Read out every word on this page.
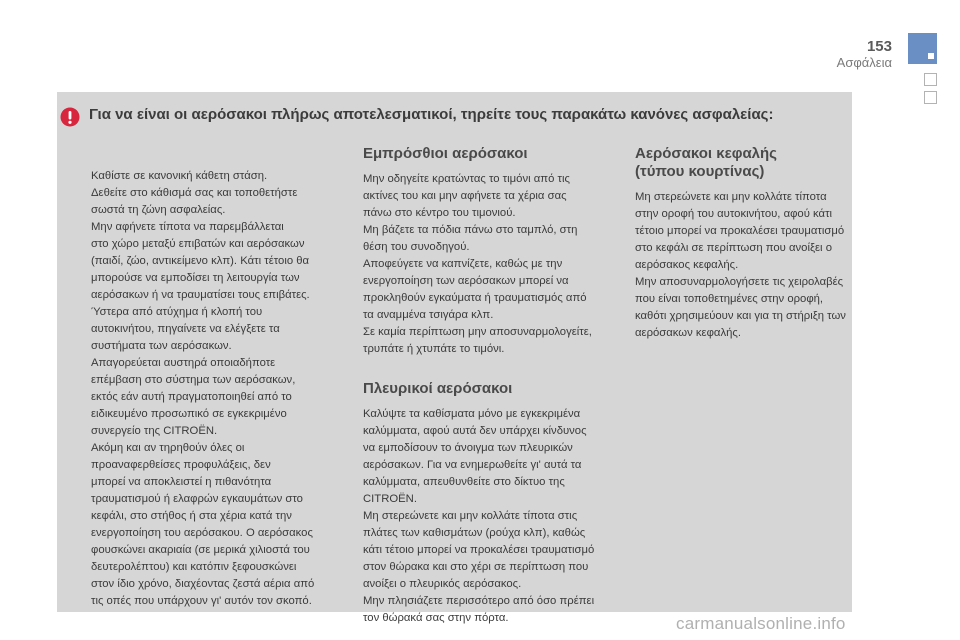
153
Ασφάλεια
Για να είναι οι αερόσακοι πλήρως αποτελεσματικοί, τηρείτε τους παρακάτω κανόνες ασφαλείας:

Καθίστε σε κανονική κάθετη στάση.

Δεθείτε στο κάθισμά σας και τοποθετήστε

σωστά τη ζώνη ασφαλείας.

Μην αφήνετε τίποτα να παρεμβάλλεται

στο χώρο μεταξύ επιβατών και αερόσακων

(παιδί, ζώο, αντικείμενο κλπ). Κάτι τέτοιο θα

μπορούσε να εμποδίσει τη λειτουργία των

αερόσακων ή να τραυματίσει τους επιβάτες.

Ύστερα από ατύχημα ή κλοπή του

αυτοκινήτου, πηγαίνετε να ελέγξετε τα

συστήματα των αερόσακων.

Απαγορεύεται αυστηρά οποιαδήποτε

επέμβαση στο σύστημα των αερόσακων,

εκτός εάν αυτή πραγματοποιηθεί από το

ειδικευμένο προσωπικό σε εγκεκριμένο

συνεργείο της CITROËN.

Ακόμη και αν τηρηθούν όλες οι

προαναφερθείσες προφυλάξεις, δεν

μπορεί να αποκλειστεί η πιθανότητα

τραυματισμού ή ελαφρών εγκαυμάτων στο

κεφάλι, στο στήθος ή στα χέρια κατά την

ενεργοποίηση του αερόσακου. Ο αερόσακος

φουσκώνει ακαριαία (σε μερικά χιλιοστά του

δευτερολέπτου) και κατόπιν ξεφουσκώνει

στον ίδιο χρόνο, διαχέοντας ζεστά αέρια από

τις οπές που υπάρχουν γι' αυτόν τον σκοπό.

Εμπρόσθιοι αερόσακοι

Μην οδηγείτε κρατώντας το τιμόνι από τις

ακτίνες του και μην αφήνετε τα χέρια σας

πάνω στο κέντρο του τιμονιού.

Μη βάζετε τα πόδια πάνω στο ταμπλό, στη

θέση του συνοδηγού.

Αποφεύγετε να καπνίζετε, καθώς με την

ενεργοποίηση των αερόσακων μπορεί να

προκληθούν εγκαύματα ή τραυματισμός από

τα αναμμένα τσιγάρα κλπ.

Σε καμία περίπτωση μην αποσυναρμολογείτε,

τρυπάτε ή χτυπάτε το τιμόνι.

Πλευρικοί αερόσακοι

Καλύψτε τα καθίσματα μόνο με εγκεκριμένα

καλύμματα, αφού αυτά δεν υπάρχει κίνδυνος

να εμποδίσουν το άνοιγμα των πλευρικών

αερόσακων. Για να ενημερωθείτε γι' αυτά τα

καλύμματα, απευθυνθείτε στο δίκτυο της

CITROËN.

Μη στερεώνετε και μην κολλάτε τίποτα στις

πλάτες των καθισμάτων (ρούχα κλπ), καθώς

κάτι τέτοιο μπορεί να προκαλέσει τραυματισμό

στον θώρακα και στο χέρι σε περίπτωση που

ανοίξει ο πλευρικός αερόσακος.

Μην πλησιάζετε περισσότερο από όσο πρέπει

τον θώρακά σας στην πόρτα.

Αερόσακοι κεφαλής
(τύπου κουρτίνας)

Μη στερεώνετε και μην κολλάτε τίποτα

στην οροφή του αυτοκινήτου, αφού κάτι

τέτοιο μπορεί να προκαλέσει τραυματισμό

στο κεφάλι σε περίπτωση που ανοίξει ο

αερόσακος κεφαλής.

Μην αποσυναρμολογήσετε τις χειρολαβές

που είναι τοποθετημένες στην οροφή,

καθότι χρησιμεύουν και για τη στήριξη των

αερόσακων κεφαλής.

carmanualsonline.info
